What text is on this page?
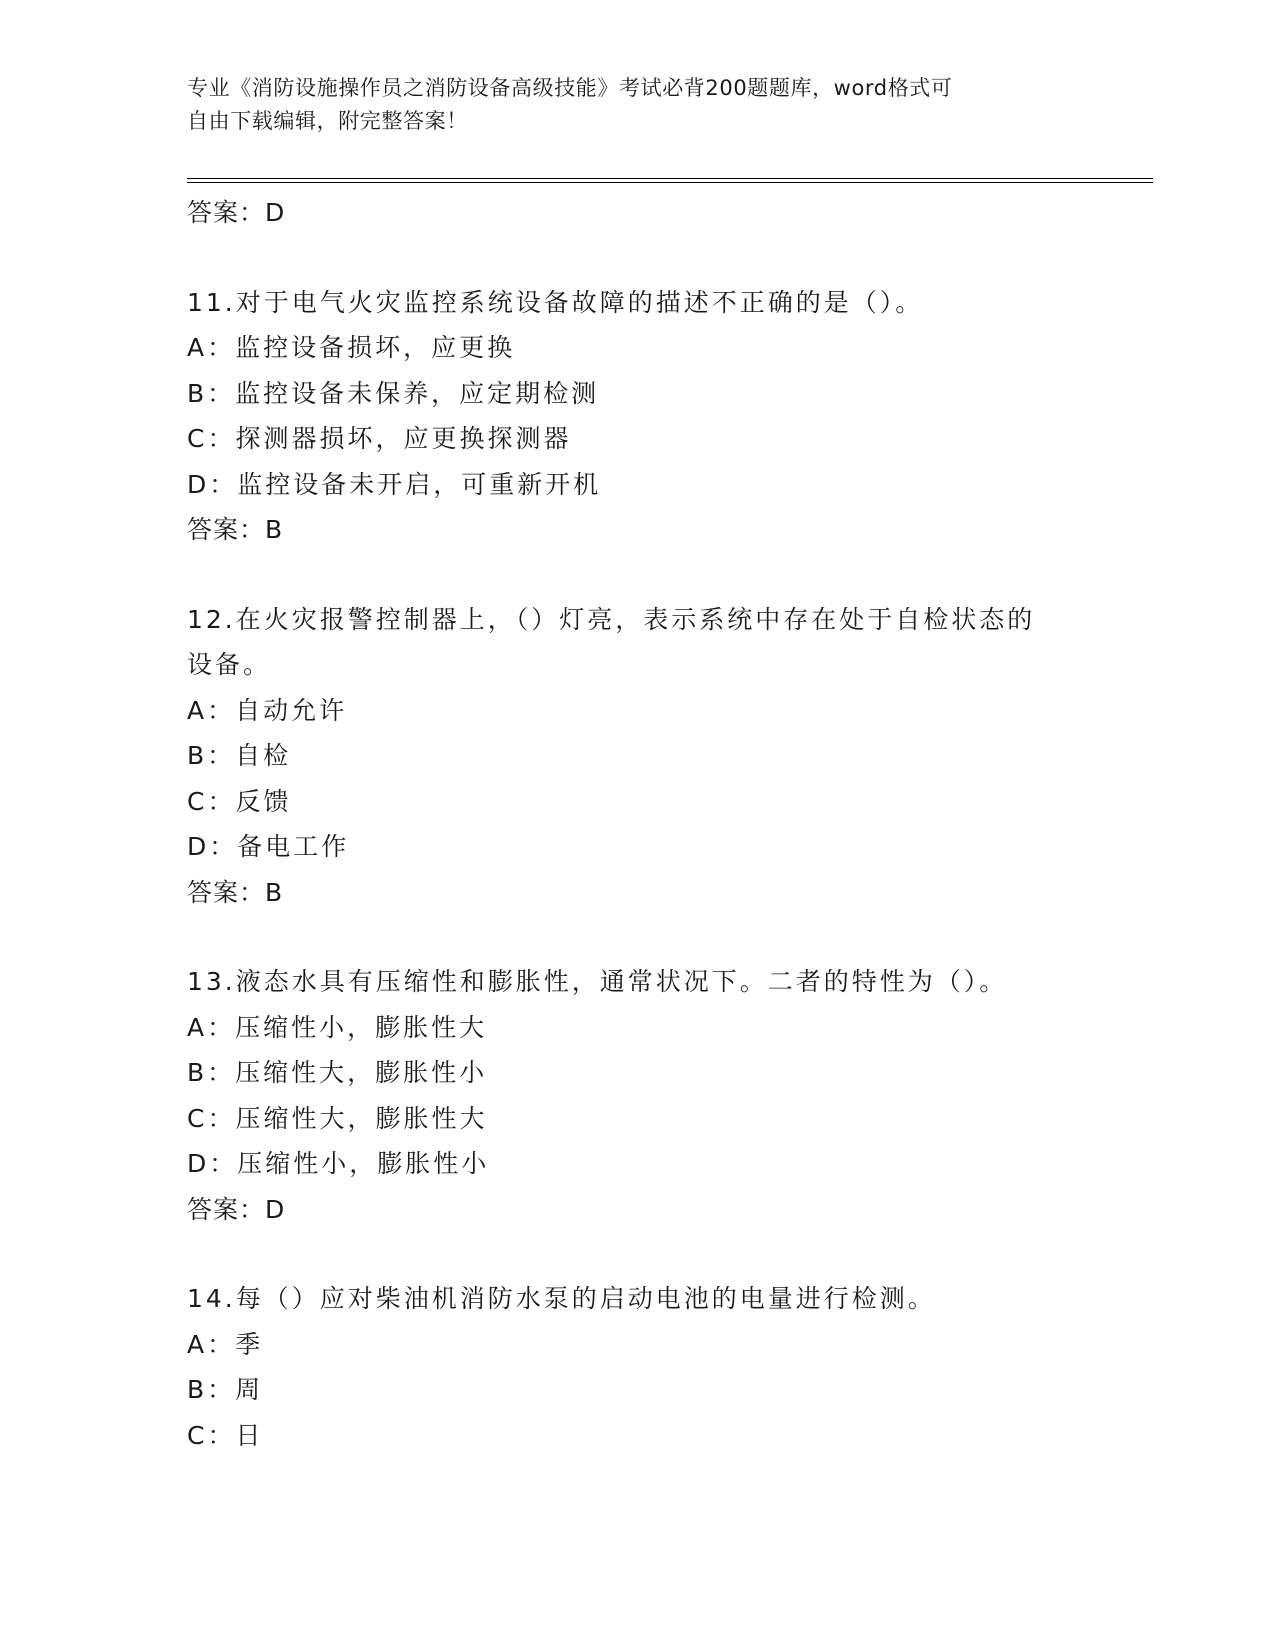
专业《消防设施操作员之消防设备高级技能》考试必背200题题库，word格式可
自由下载编辑，附完整答案！
答案：D
11.对于电气火灾监控系统设备故障的描述不正确的是（）。
A：监控设备损坏，应更换
B：监控设备未保养，应定期检测
C：探测器损坏，应更换探测器
D：监控设备未开启，可重新开机
答案：B
12.在火灾报警控制器上，（）灯亮，表示系统中存在处于自检状态的
设备。
A：自动允许
B：自检
C：反馈
D：备电工作
答案：B
13.液态水具有压缩性和膨胀性，通常状况下。二者的特性为（）。
A：压缩性小，膨胀性大
B：压缩性大，膨胀性小
C：压缩性大，膨胀性大
D：压缩性小，膨胀性小
答案：D
14.每（）应对柴油机消防水泵的启动电池的电量进行检测。
A：季
B：周
C：日
